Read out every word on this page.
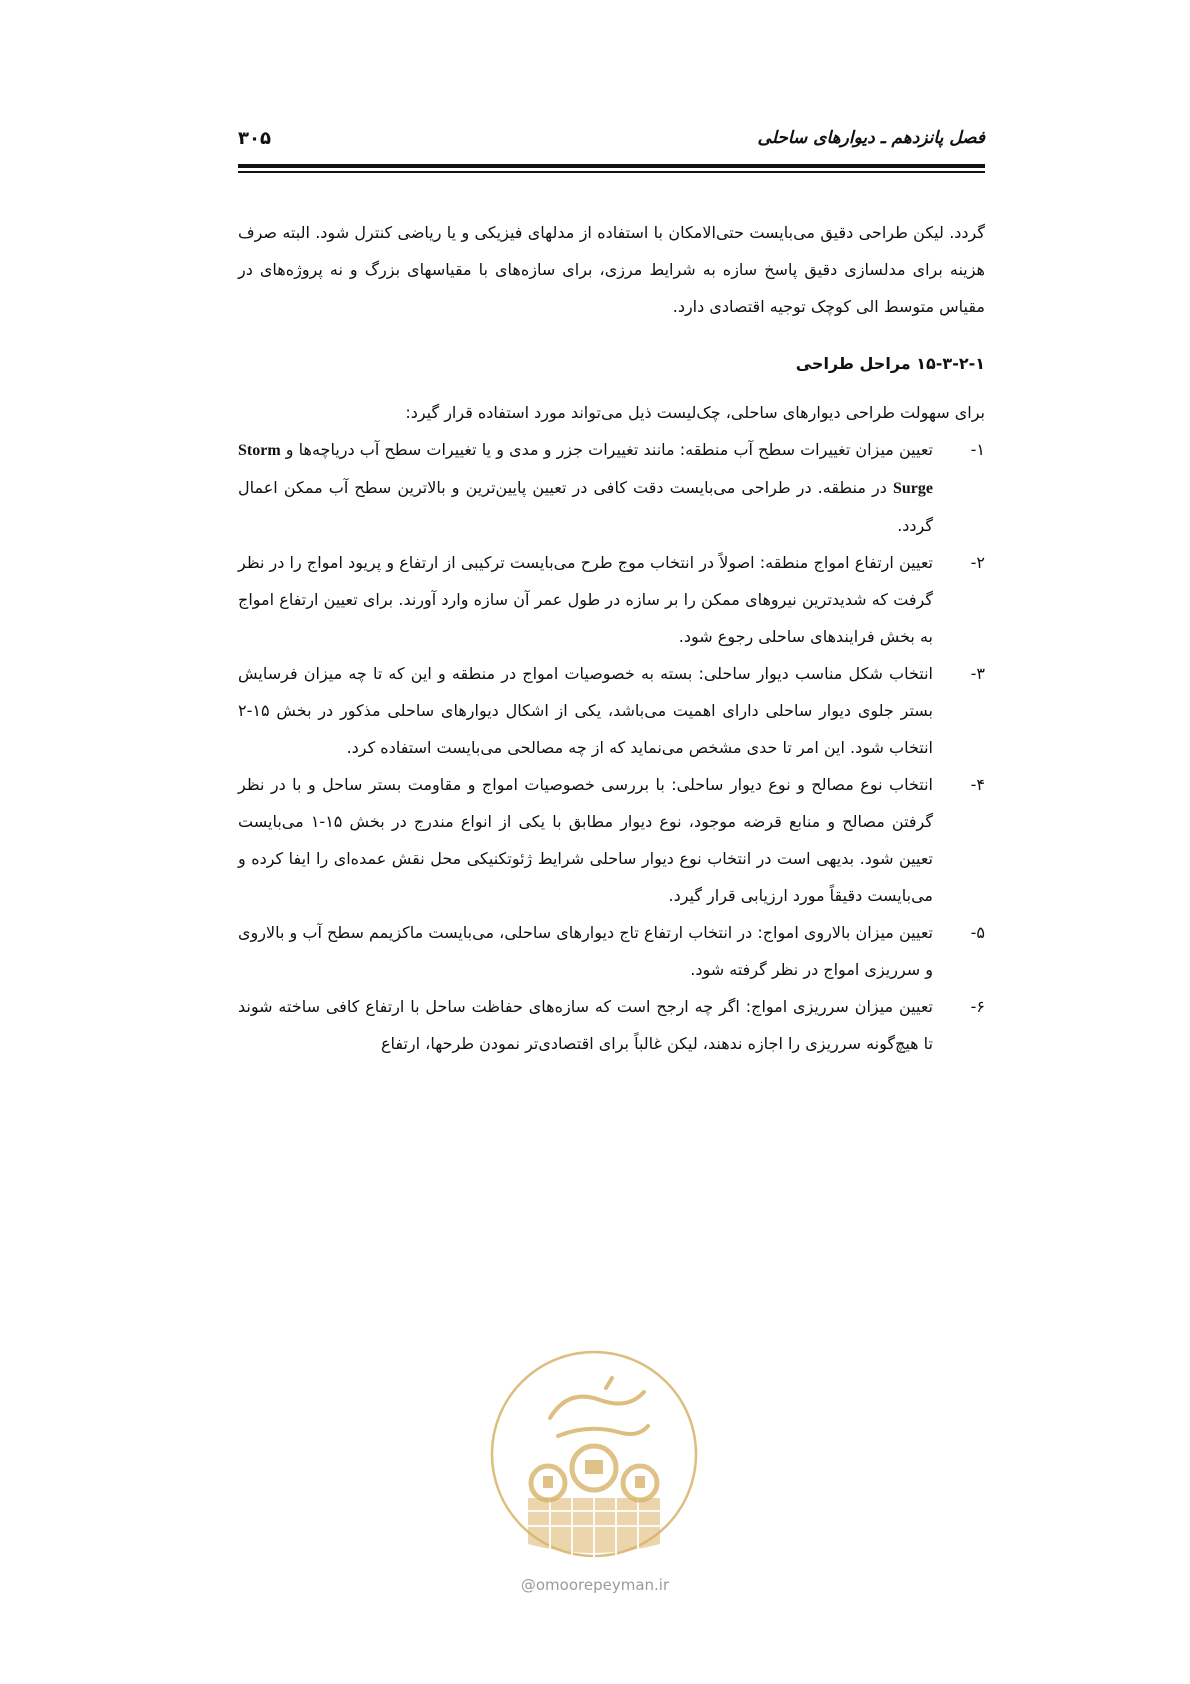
فصل پانزدهم ـ دیوارهای ساحلی
۳۰۵

گردد. لیکن طراحی دقیق می‌بایست حتی‌الامکان با استفاده از مدلهای فیزیکی و یا ریاضی کنترل شود. البته صرف هزینه برای مدلسازی دقیق پاسخ سازه به شرایط مرزی، برای سازه‌های با مقیاسهای بزرگ و نه پروژه‌های در مقیاس متوسط الی کوچک توجیه اقتصادی دارد.

۱۵-۳-۲-۱ مراحل طراحی

برای سهولت طراحی دیوارهای ساحلی، چک‌لیست ذیل می‌تواند مورد استفاده قرار گیرد:

۱-
تعیین میزان تغییرات سطح آب منطقه: مانند تغییرات جزر و مدی و یا تغییرات سطح آب دریاچه‌ها و Storm Surge در منطقه. در طراحی می‌بایست دقت کافی در تعیین پایین‌ترین و بالاترین سطح آب ممکن اعمال گردد.
۲-
تعیین ارتفاع امواج منطقه: اصولاً در انتخاب موج طرح می‌بایست ترکیبی از ارتفاع و پریود امواج را در نظر گرفت که شدیدترین نیروهای ممکن را بر سازه در طول عمر آن سازه وارد آورند. برای تعیین ارتفاع امواج به بخش فرایندهای ساحلی رجوع شود.
۳-
انتخاب شکل مناسب دیوار ساحلی: بسته به خصوصیات امواج در منطقه و این که تا چه میزان فرسایش بستر جلوی دیوار ساحلی دارای اهمیت می‌باشد، یکی از اشکال دیوارهای ساحلی مذکور در بخش ۱۵-۲ انتخاب شود. این امر تا حدی مشخص می‌نماید که از چه مصالحی می‌بایست استفاده کرد.
۴-
انتخاب نوع مصالح و نوع دیوار ساحلی: با بررسی خصوصیات امواج و مقاومت بستر ساحل و با در نظر گرفتن مصالح و منابع قرضه موجود، نوع دیوار مطابق با یکی از انواع مندرج در بخش ۱۵-۱ می‌بایست تعیین شود. بدیهی است در انتخاب نوع دیوار ساحلی شرایط ژئوتکنیکی محل نقش عمده‌ای را ایفا کرده و می‌بایست دقیقاً مورد ارزیابی قرار گیرد.
۵-
تعیین میزان بالاروی امواج: در انتخاب ارتفاع تاج دیوارهای ساحلی، می‌بایست ماکزیمم سطح آب و بالاروی و سرریزی امواج در نظر گرفته شود.
۶-
تعیین میزان سرریزی امواج: اگر چه ارجح است که سازه‌های حفاظت ساحل با ارتفاع کافی ساخته شوند تا هیچ‌گونه سرریزی را اجازه ندهند، لیکن غالباً برای اقتصادی‌تر نمودن طرحها، ارتفاع
@omoorepeyman.ir
